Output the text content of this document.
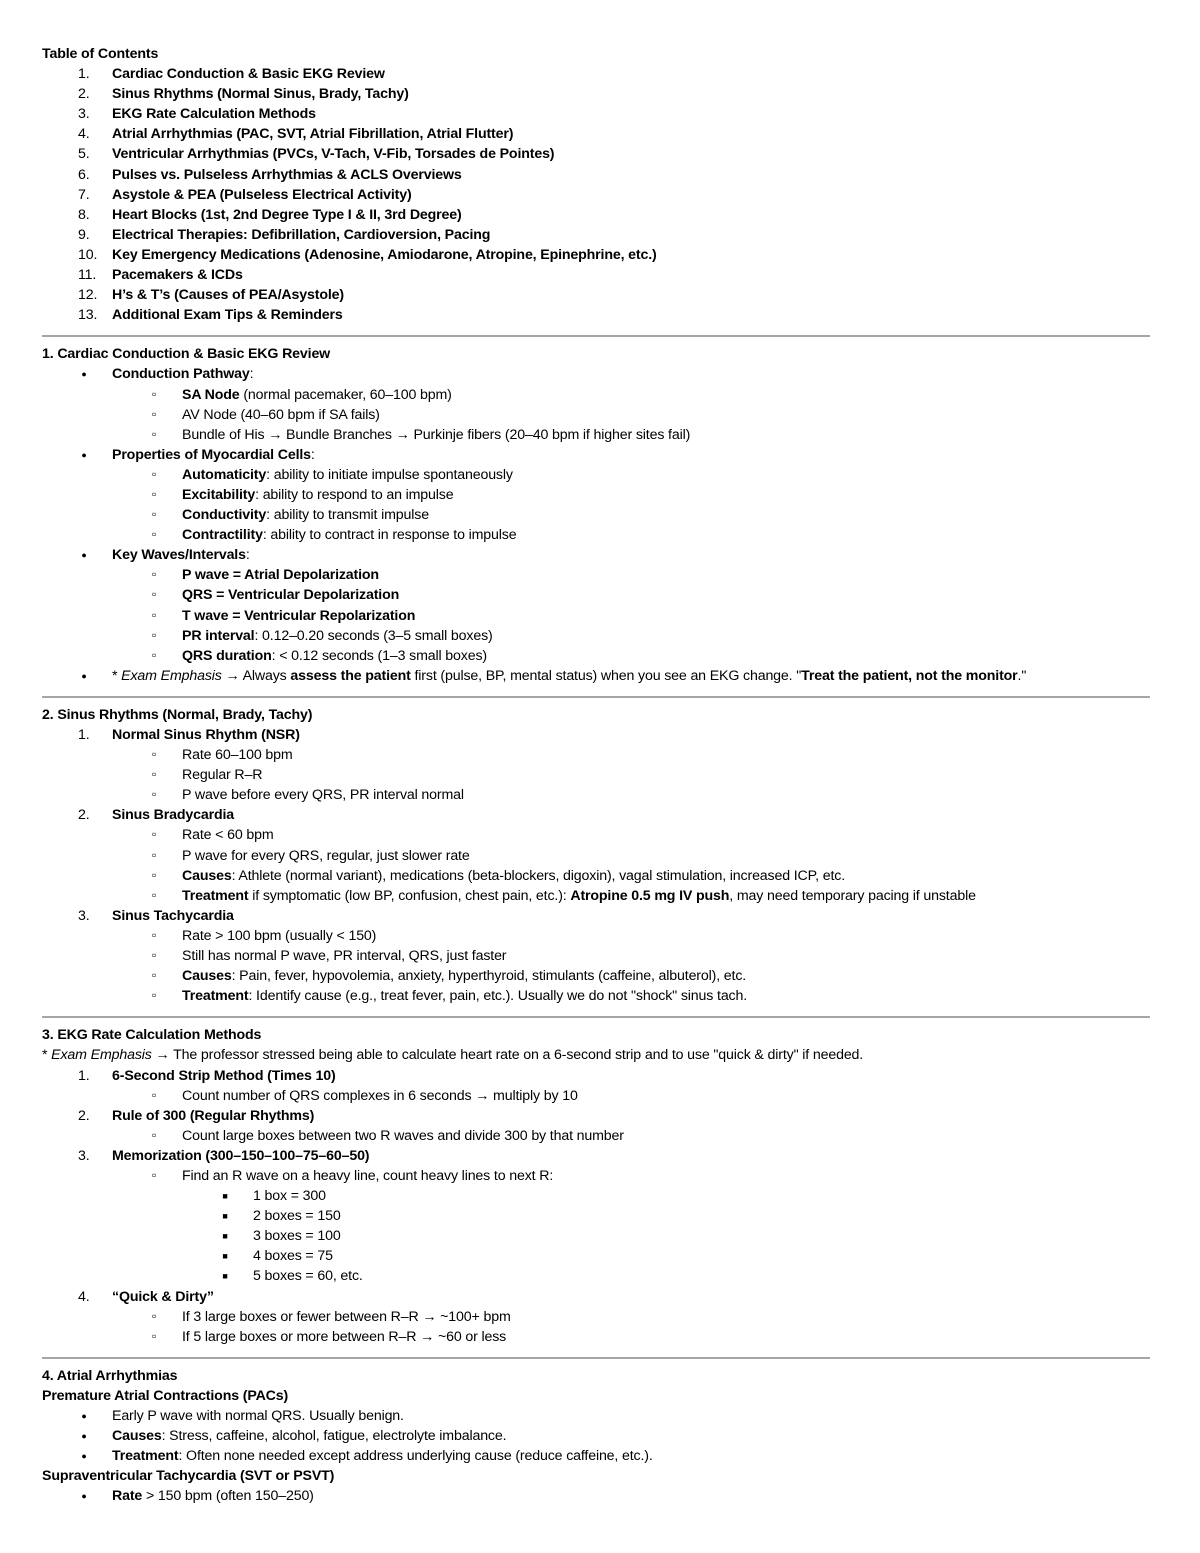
Table of Contents
1.	Cardiac Conduction & Basic EKG Review
2.	Sinus Rhythms (Normal Sinus, Brady, Tachy)
3.	EKG Rate Calculation Methods
4.	Atrial Arrhythmias (PAC, SVT, Atrial Fibrillation, Atrial Flutter)
5.	Ventricular Arrhythmias (PVCs, V-Tach, V-Fib, Torsades de Pointes)
6.	Pulses vs. Pulseless Arrhythmias & ACLS Overviews
7.	Asystole & PEA (Pulseless Electrical Activity)
8.	Heart Blocks (1st, 2nd Degree Type I & II, 3rd Degree)
9.	Electrical Therapies: Defibrillation, Cardioversion, Pacing
10.	Key Emergency Medications (Adenosine, Amiodarone, Atropine, Epinephrine, etc.)
11.	Pacemakers & ICDs
12.	H’s & T’s (Causes of PEA/Asystole)
13.	Additional Exam Tips & Reminders
1. Cardiac Conduction & Basic EKG Review
●
Conduction Pathway:
▫
SA Node (normal pacemaker, 60–100 bpm)
▫
AV Node (40–60 bpm if SA fails)
▫
Bundle of His → Bundle Branches → Purkinje fibers (20–40 bpm if higher sites fail)
●
Properties of Myocardial Cells:
▫
Automaticity: ability to initiate impulse spontaneously
▫
Excitability: ability to respond to an impulse
▫
Conductivity: ability to transmit impulse
▫
Contractility: ability to contract in response to impulse
●
Key Waves/Intervals:
▫
P wave = Atrial Depolarization
▫
QRS = Ventricular Depolarization
▫
T wave = Ventricular Repolarization
▫
PR interval: 0.12–0.20 seconds (3–5 small boxes)
▫
QRS duration: < 0.12 seconds (1–3 small boxes)
●
* Exam Emphasis → Always assess the patient first (pulse, BP, mental status) when you see an EKG change. "Treat the patient, not the monitor."
2. Sinus Rhythms (Normal, Brady, Tachy)
1.	Normal Sinus Rhythm (NSR)
▫
Rate 60–100 bpm
▫
Regular R–R
▫
P wave before every QRS, PR interval normal
2.	Sinus Bradycardia
▫
Rate < 60 bpm
▫
P wave for every QRS, regular, just slower rate
▫
Causes: Athlete (normal variant), medications (beta-blockers, digoxin), vagal stimulation, increased ICP, etc.
▫
Treatment if symptomatic (low BP, confusion, chest pain, etc.): Atropine 0.5 mg IV push, may need temporary pacing if unstable
3.	Sinus Tachycardia
▫
Rate > 100 bpm (usually < 150)
▫
Still has normal P wave, PR interval, QRS, just faster
▫
Causes: Pain, fever, hypovolemia, anxiety, hyperthyroid, stimulants (caffeine, albuterol), etc.
▫
Treatment: Identify cause (e.g., treat fever, pain, etc.). Usually we do not "shock" sinus tach.
3. EKG Rate Calculation Methods
* Exam Emphasis → The professor stressed being able to calculate heart rate on a 6-second strip and to use "quick & dirty" if needed.
1.	6-Second Strip Method (Times 10)
▫
Count number of QRS complexes in 6 seconds → multiply by 10
2.	Rule of 300 (Regular Rhythms)
▫
Count large boxes between two R waves and divide 300 by that number
3.	Memorization (300–150–100–75–60–50)
▫
Find an R wave on a heavy line, count heavy lines to next R:
■
1 box = 300
■
2 boxes = 150
■
3 boxes = 100
■
4 boxes = 75
■
5 boxes = 60, etc.
4.	“Quick & Dirty”
▫
If 3 large boxes or fewer between R–R → ~100+ bpm
▫
If 5 large boxes or more between R–R → ~60 or less
4. Atrial Arrhythmias
Premature Atrial Contractions (PACs)
●
Early P wave with normal QRS. Usually benign.
●
Causes: Stress, caffeine, alcohol, fatigue, electrolyte imbalance.
●
Treatment: Often none needed except address underlying cause (reduce caffeine, etc.).
Supraventricular Tachycardia (SVT or PSVT)
●
Rate > 150 bpm (often 150–250)
